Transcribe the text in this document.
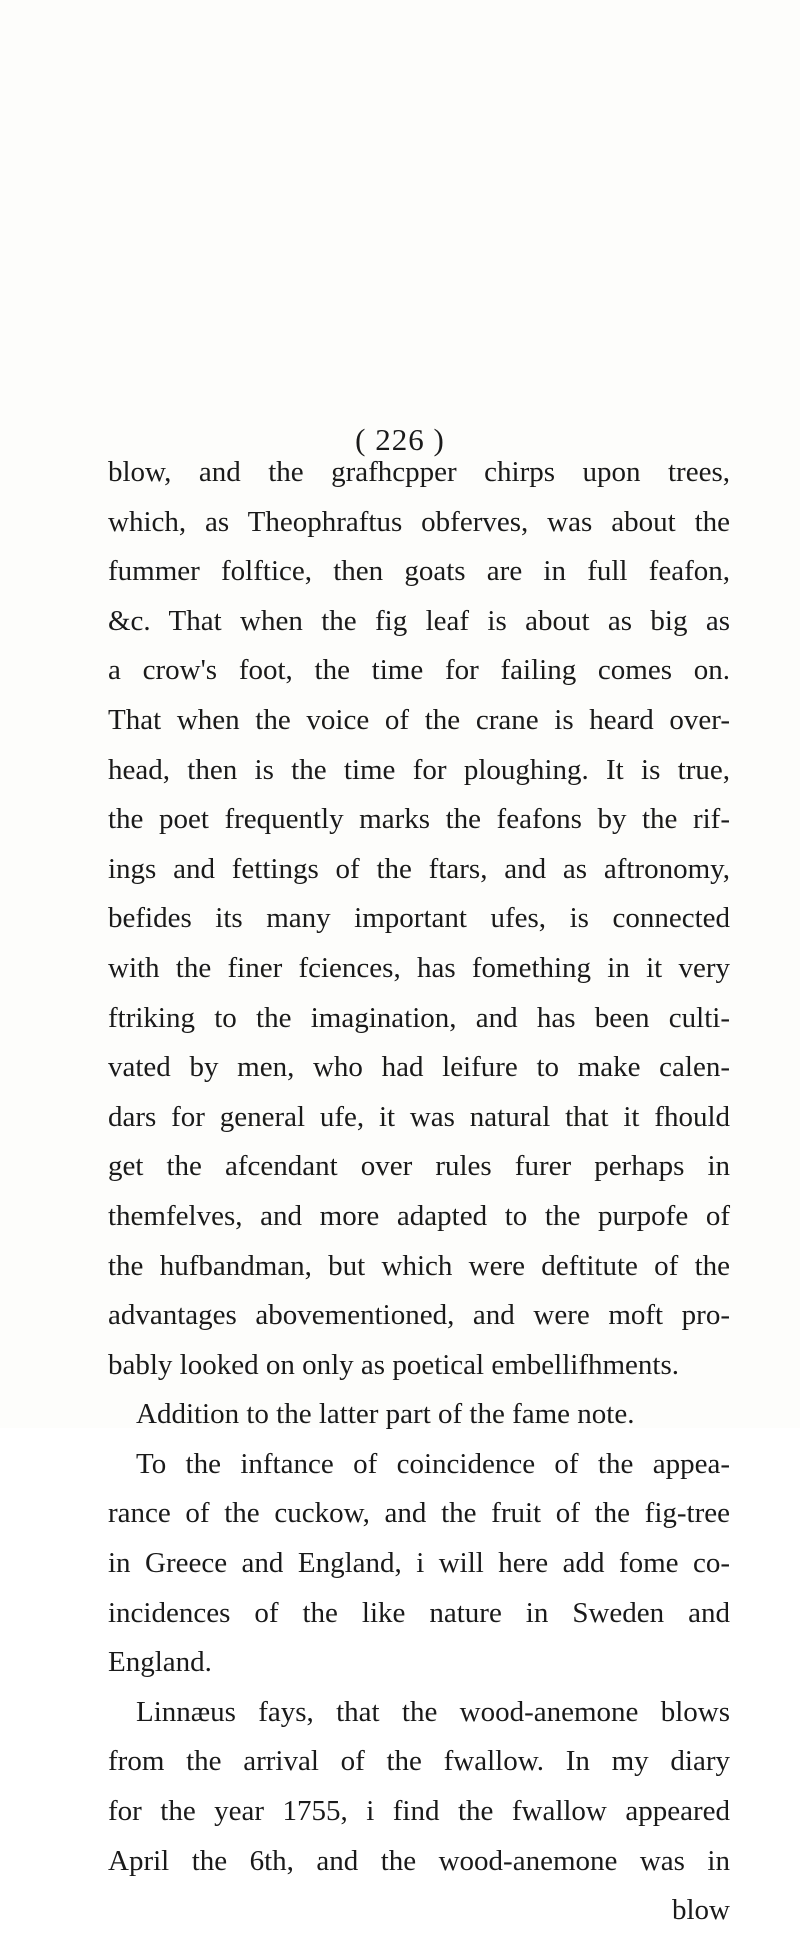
( 226 )
blow, and the grafhcpper chirps upon trees,
which, as Theophraftus obferves, was about the
fummer folftice, then goats are in full feafon,
&c. That when the fig leaf is about as big as
a crow's foot, the time for failing comes on.
That when the voice of the crane is heard over-
head, then is the time for ploughing. It is true,
the poet frequently marks the feafons by the rif-
ings and fettings of the ftars, and as aftronomy,
befides its many important ufes, is connected
with the finer fciences, has fomething in it very
ftriking to the imagination, and has been culti-
vated by men, who had leifure to make calen-
dars for general ufe, it was natural that it fhould
get the afcendant over rules furer perhaps in
themfelves, and more adapted to the purpofe of
the hufbandman, but which were deftitute of the
advantages abovementioned, and were moft pro-
bably looked on only as poetical embellifhments.
Addition to the latter part of the fame note.
To the inftance of coincidence of the appea-
rance of the cuckow, and the fruit of the fig-tree
in Greece and England, i will here add fome co-
incidences of the like nature in Sweden and
England.
Linnæus fays, that the wood-anemone blows
from the arrival of the fwallow. In my diary
for the year 1755, i find the fwallow appeared
April the 6th, and the wood-anemone was in
blow
